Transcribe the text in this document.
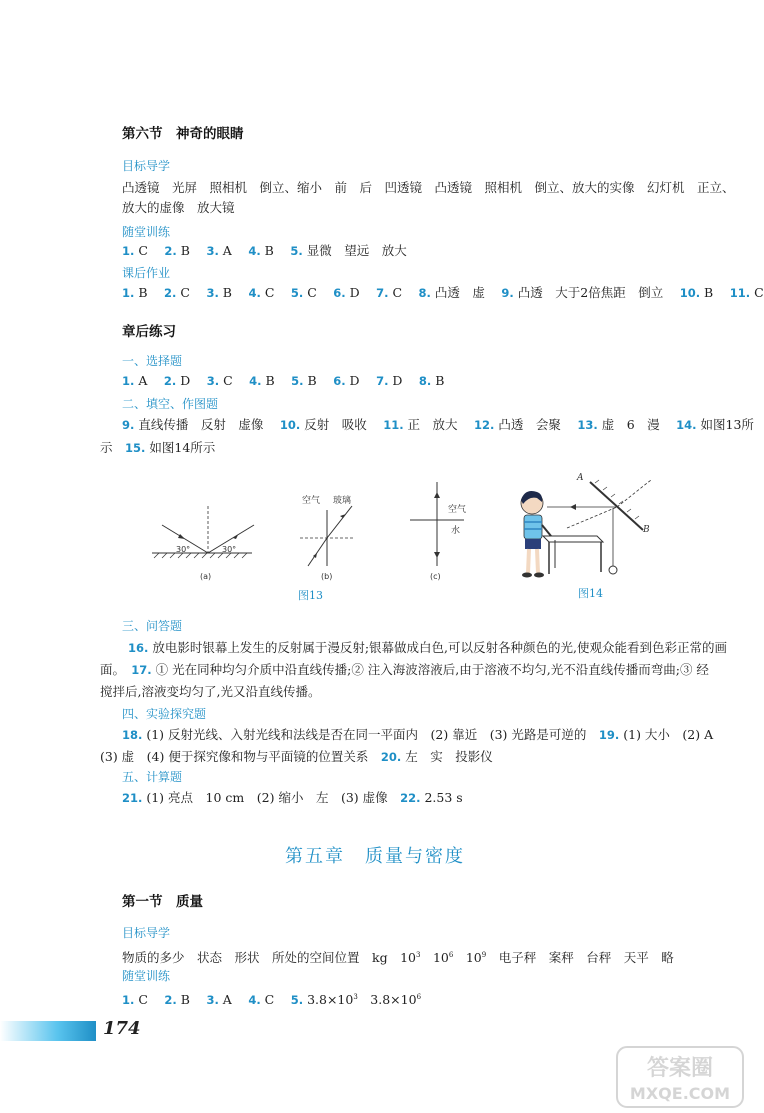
第六节　神奇的眼睛
目标导学
凸透镜　光屏　照相机　倒立、缩小　前　后　凹透镜　凸透镜　照相机　倒立、放大的实像　幻灯机　正立、
放大的虚像　放大镜
随堂训练
1. C　 2. B　 3. A　 4. B　 5. 显微　望远　放大
课后作业
1. B　 2. C　 3. B　 4. C　 5. C　 6. D　 7. C　 8. 凸透　虚　 9. 凸透　大于2倍焦距　倒立　 10. B　 11. C
章后练习
一、选择题
1. A　 2. D　 3. C　 4. B　 5. B　 6. D　 7. D　 8. B
二、填空、作图题
9. 直线传播　反射　虚像　 10. 反射　吸收　 11. 正　放大　 12. 凸透　会聚　 13. 虚　6　漫　 14. 如图13所
示　15. 如图14所示
30°	30°
(a)
空气 玻璃
(b)
空气
水
(c)
图13
A
B
图14
三、问答题
16. 放电影时银幕上发生的反射属于漫反射;银幕做成白色,可以反射各种颜色的光,使观众能看到色彩正常的画
面。　 17. ① 光在同种均匀介质中沿直线传播;② 注入海波溶液后,由于溶液不均匀,光不沿直线传播而弯曲;③ 经
搅拌后,溶液变均匀了,光又沿直线传播。
四、实验探究题
18. (1) 反射光线、入射光线和法线是否在同一平面内　(2) 靠近　(3) 光路是可逆的　19. (1) 大小　(2) A
(3) 虚　(4) 便于探究像和物与平面镜的位置关系　20. 左　实　投影仪
五、计算题
21. (1) 亮点　10 cm　(2) 缩小　左　(3) 虚像　22. 2.53 s
第五章　质量与密度
第一节　质量
目标导学
物质的多少　状态　形状　所处的空间位置　kg　$10^3$　$10^6$　$10^9$　电子秤　案秤　台秤　天平　略
随堂训练
1. C　 2. B　 3. A　 4. C　 5. $3.8\times 10^3$　$3.8\times 10^6$
174
答案圈
MXQE.COM
